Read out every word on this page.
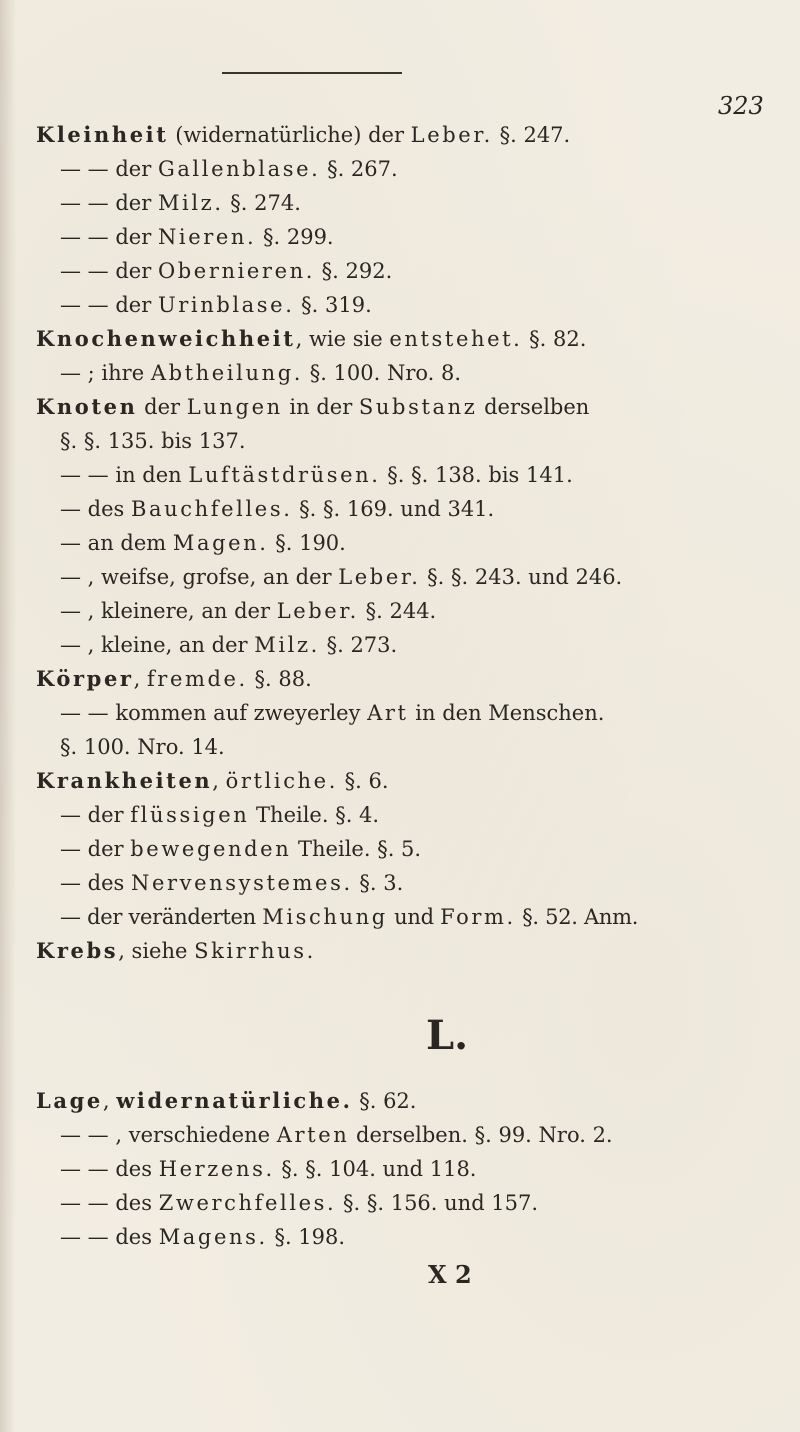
323
Kleinheit (widernatürliche) der Leber. §. 247.
— — der Gallenblase. §. 267.
— — der Milz. §. 274.
— — der Nieren. §. 299.
— — der Obernieren. §. 292.
— — der Urinblase. §. 319.
Knochenweichheit, wie sie entstehet. §. 82.
— ; ihre Abtheilung. §. 100. Nro. 8.
Knoten der Lungen in der Substanz derselben
§. §. 135. bis 137.
— — in den Luftästdrüsen. §. §. 138. bis 141.
— des Bauchfelles. §. §. 169. und 341.
— an dem Magen. §. 190.
— , weifse, grofse, an der Leber. §. §. 243. und 246.
— , kleinere, an der Leber. §. 244.
— , kleine, an der Milz. §. 273.
Körper, fremde. §. 88.
— — kommen auf zweyerley Art in den Menschen.
§. 100. Nro. 14.
Krankheiten, örtliche. §. 6.
— der flüssigen Theile. §. 4.
— der bewegenden Theile. §. 5.
— des Nervensystemes. §. 3.
— der veränderten Mischung und Form. §. 52. Anm.
Krebs, siehe Skirrhus.
L.
Lage, widernatürliche. §. 62.
— — , verschiedene Arten derselben. §. 99. Nro. 2.
— — des Herzens. §. §. 104. und 118.
— — des Zwerchfelles. §. §. 156. und 157.
— — des Magens. §. 198.
X 2
